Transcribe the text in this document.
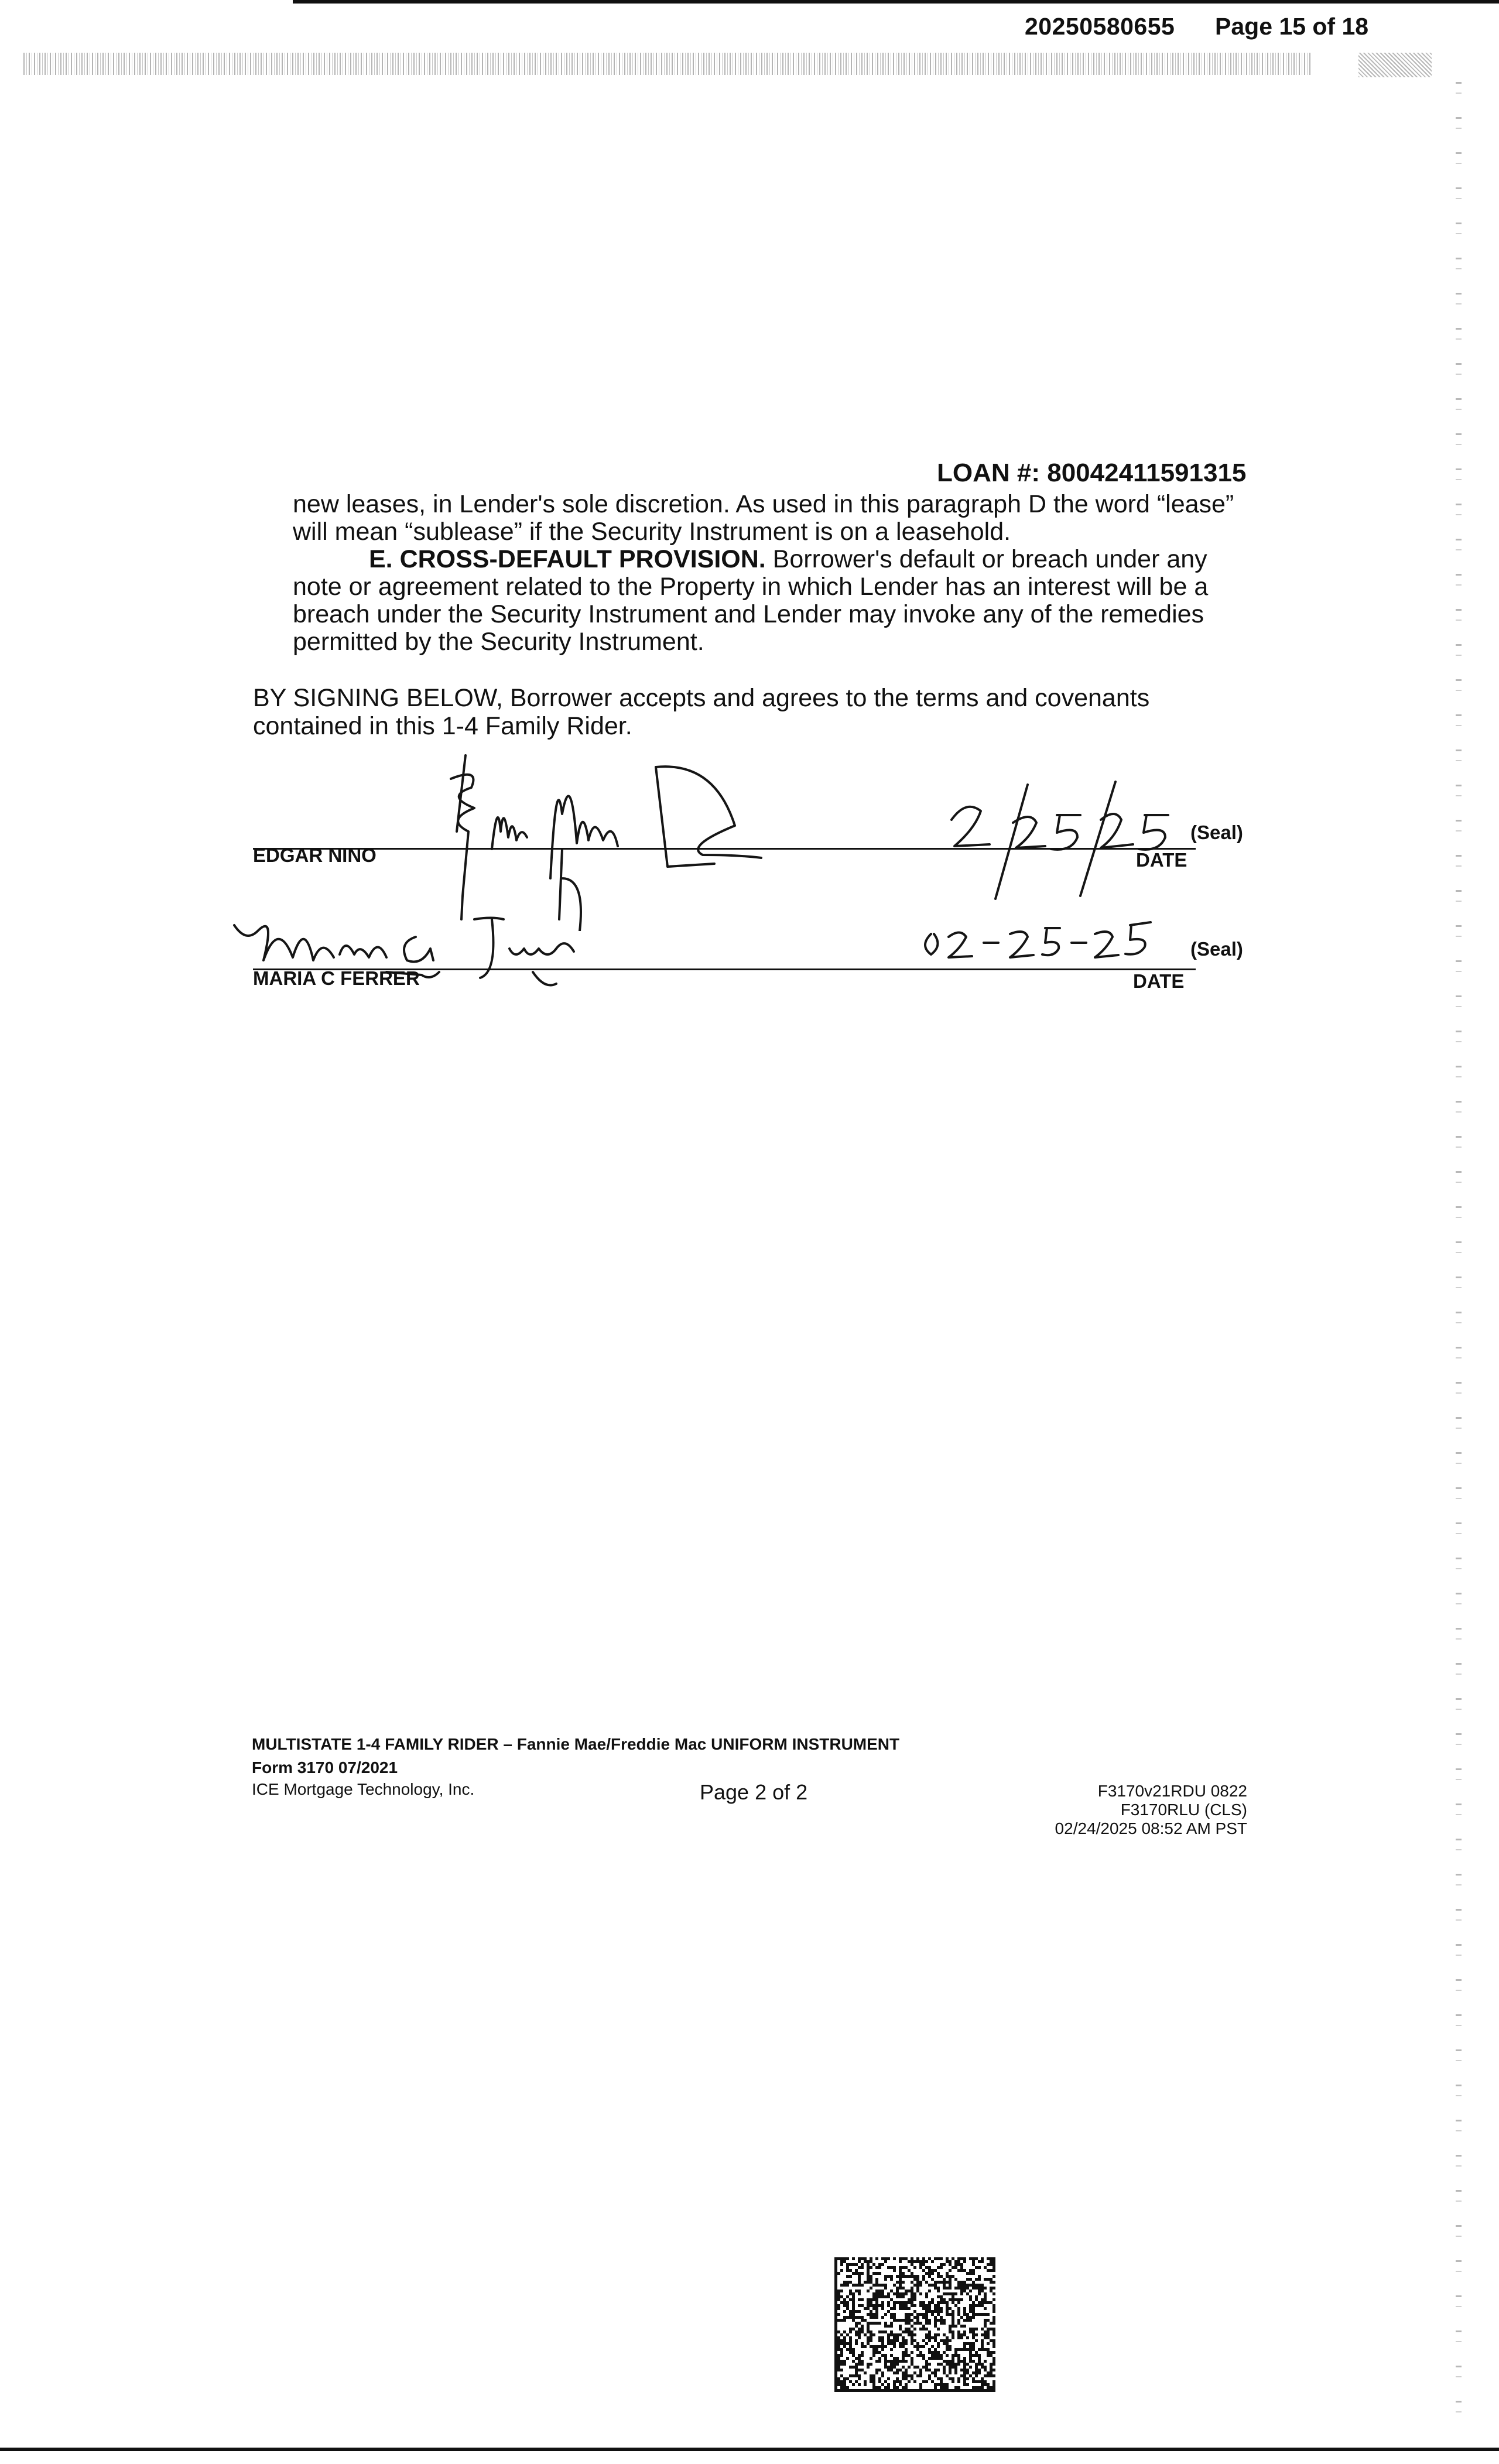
20250580655 Page 15 of 18
LOAN #: 80042411591315

new leases, in Lender's sole discretion. As used in this paragraph D the word “lease” will mean “sublease” if the Security Instrument is on a leasehold.

E. CROSS-DEFAULT PROVISION. Borrower's default or breach under any note or agreement related to the Property in which Lender has an interest will be a breach under the Security Instrument and Lender may invoke any of the remedies permitted by the Security Instrument.

BY SIGNING BELOW, Borrower accepts and agrees to the terms and covenants contained in this 1-4 Family Rider.
EDGAR NINO	DATE
(Seal)
MARIA C FERRER	DATE
(Seal)
MULTISTATE 1-4 FAMILY RIDER – Fannie Mae/Freddie Mac UNIFORM INSTRUMENT
Form 3170 07/2021
ICE Mortgage Technology, Inc.	Page 2 of 2	F3170v21RDU 0822
F3170RLU (CLS)
02/24/2025 08:52 AM PST
